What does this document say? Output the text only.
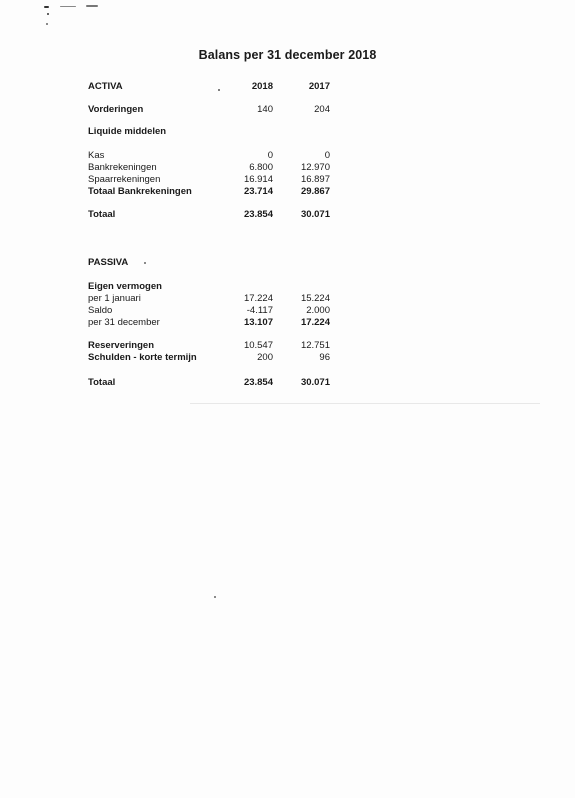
Balans per 31 december 2018
ACTIVA	2018	2017
Vorderingen	140	204
Liquide middelen
Kas	0	0
Bankrekeningen	6.800	12.970
Spaarrekeningen	16.914	16.897
Totaal Bankrekeningen	23.714	29.867
Totaal	23.854	30.071
PASSIVA
Eigen vermogen
per 1 januari	17.224	15.224
Saldo	-4.117	2.000
per 31 december	13.107	17.224
Reserveringen	10.547	12.751
Schulden - korte termijn	200	96
Totaal	23.854	30.071
